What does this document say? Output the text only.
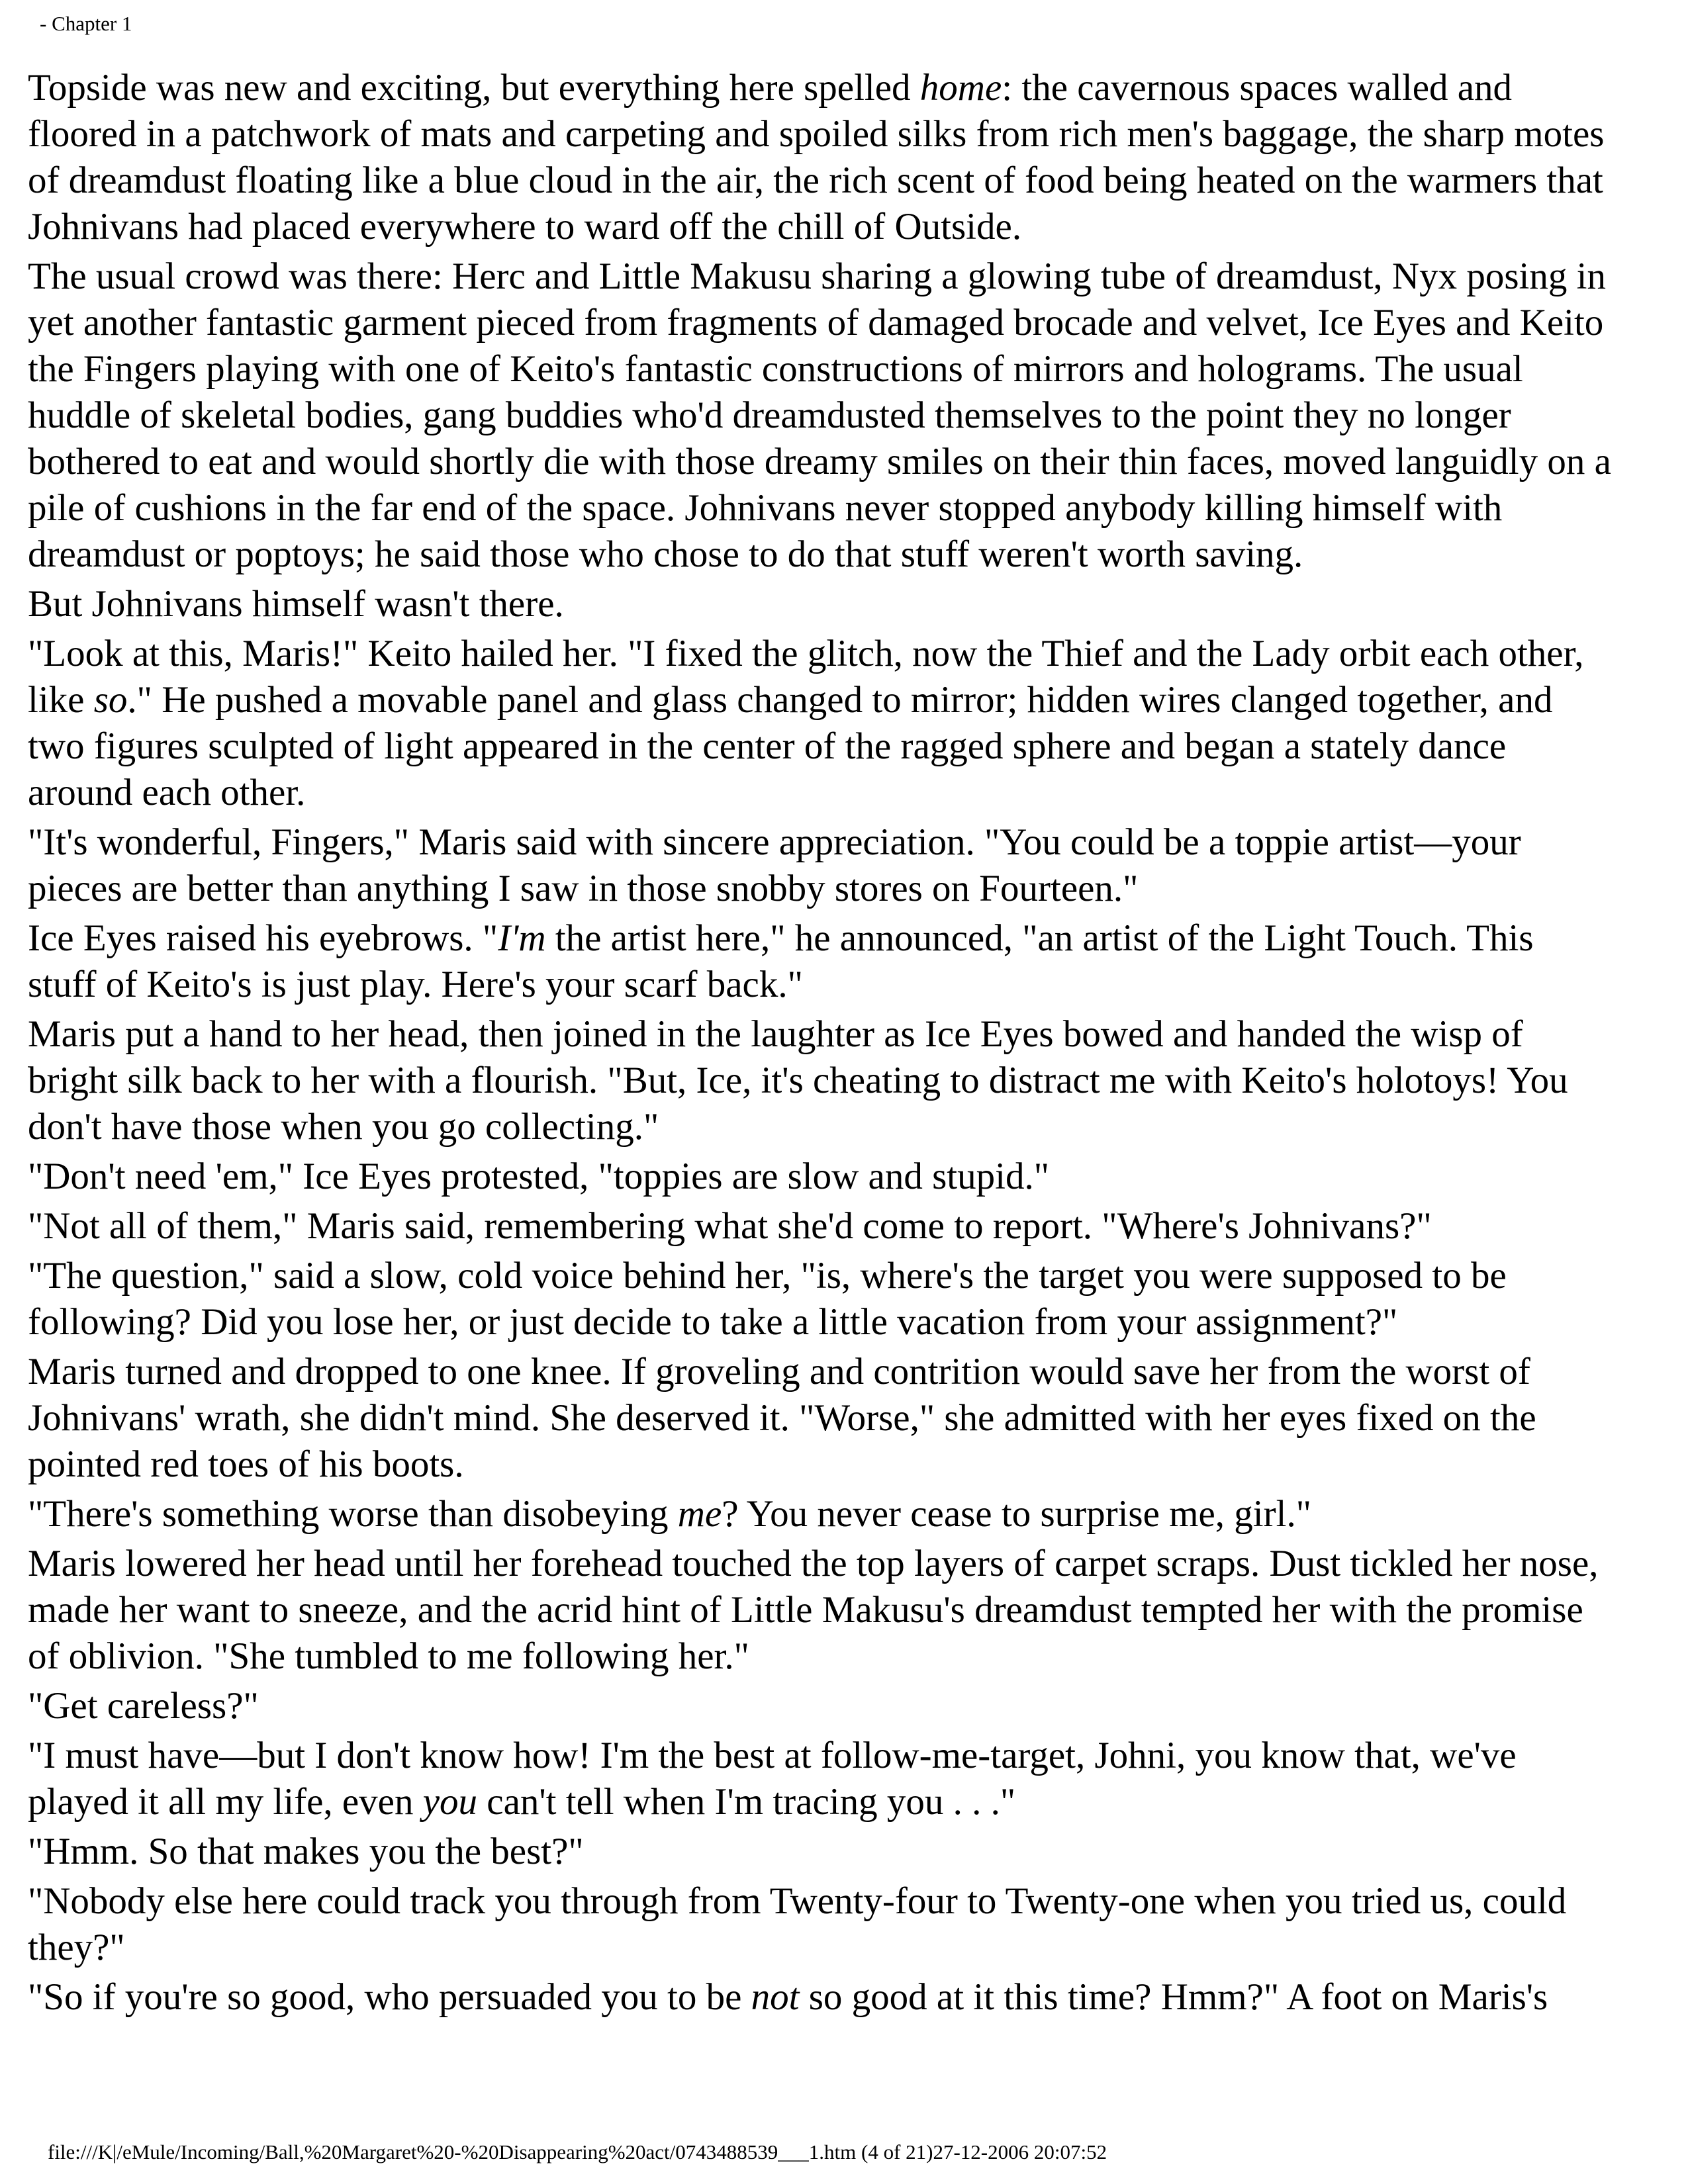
- Chapter 1

Topside was new and exciting, but everything here spelled home: the cavernous spaces walled and
floored in a patchwork of mats and carpeting and spoiled silks from rich men's baggage, the sharp motes
of dreamdust floating like a blue cloud in the air, the rich scent of food being heated on the warmers that
Johnivans had placed everywhere to ward off the chill of Outside.

The usual crowd was there: Herc and Little Makusu sharing a glowing tube of dreamdust, Nyx posing in
yet another fantastic garment pieced from fragments of damaged brocade and velvet, Ice Eyes and Keito
the Fingers playing with one of Keito's fantastic constructions of mirrors and holograms. The usual
huddle of skeletal bodies, gang buddies who'd dreamdusted themselves to the point they no longer
bothered to eat and would shortly die with those dreamy smiles on their thin faces, moved languidly on a
pile of cushions in the far end of the space. Johnivans never stopped anybody killing himself with
dreamdust or poptoys; he said those who chose to do that stuff weren't worth saving.

But Johnivans himself wasn't there.

"Look at this, Maris!" Keito hailed her. "I fixed the glitch, now the Thief and the Lady orbit each other,
like so." He pushed a movable panel and glass changed to mirror; hidden wires clanged together, and
two figures sculpted of light appeared in the center of the ragged sphere and began a stately dance
around each other.

"It's wonderful, Fingers," Maris said with sincere appreciation. "You could be a toppie artist—your
pieces are better than anything I saw in those snobby stores on Fourteen."

Ice Eyes raised his eyebrows. "I'm the artist here," he announced, "an artist of the Light Touch. This
stuff of Keito's is just play. Here's your scarf back."

Maris put a hand to her head, then joined in the laughter as Ice Eyes bowed and handed the wisp of
bright silk back to her with a flourish. "But, Ice, it's cheating to distract me with Keito's holotoys! You
don't have those when you go collecting."

"Don't need 'em," Ice Eyes protested, "toppies are slow and stupid."

"Not all of them," Maris said, remembering what she'd come to report. "Where's Johnivans?"

"The question," said a slow, cold voice behind her, "is, where's the target you were supposed to be
following? Did you lose her, or just decide to take a little vacation from your assignment?"

Maris turned and dropped to one knee. If groveling and contrition would save her from the worst of
Johnivans' wrath, she didn't mind. She deserved it. "Worse," she admitted with her eyes fixed on the
pointed red toes of his boots.

"There's something worse than disobeying me? You never cease to surprise me, girl."

Maris lowered her head until her forehead touched the top layers of carpet scraps. Dust tickled her nose,
made her want to sneeze, and the acrid hint of Little Makusu's dreamdust tempted her with the promise
of oblivion. "She tumbled to me following her."

"Get careless?"

"I must have—but I don't know how! I'm the best at follow-me-target, Johni, you know that, we've
played it all my life, even you can't tell when I'm tracing you . . ."

"Hmm. So that makes you the best?"

"Nobody else here could track you through from Twenty-four to Twenty-one when you tried us, could
they?"

"So if you're so good, who persuaded you to be not so good at it this time? Hmm?" A foot on Maris's

file:///K|/eMule/Incoming/Ball,%20Margaret%20-%20Disappearing%20act/0743488539___1.htm (4 of 21)27-12-2006 20:07:52
